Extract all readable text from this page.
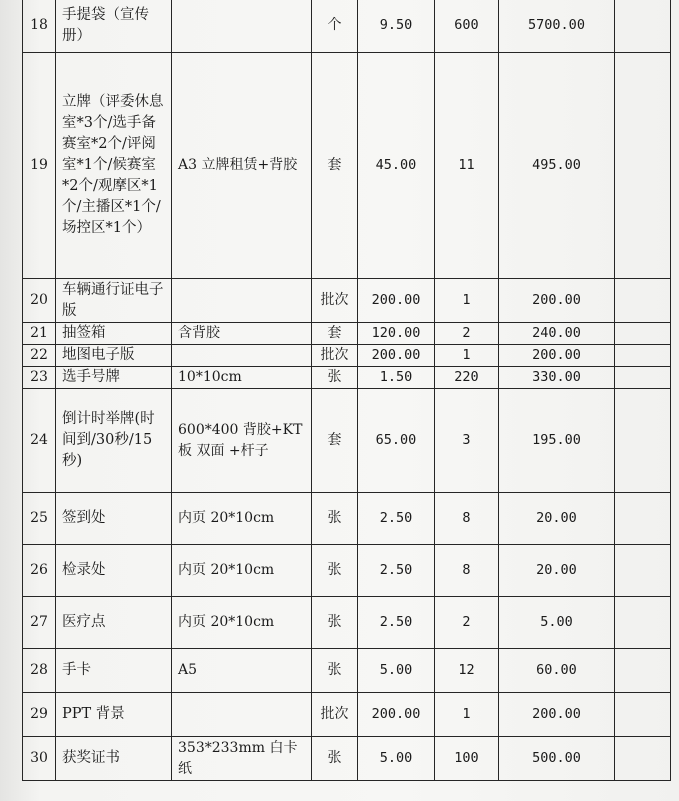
18	手提袋（宣传册）		个	9.50	600	5700.00	
19	立牌（评委休息室*3个/选手备赛室*2个/评阅室*1个/候赛室*2个/观摩区*1个/主播区*1个/场控区*1个）	A3 立牌租赁+背胶	套	45.00	11	495.00	
20	车辆通行证电子版		批次	200.00	1	200.00	
21	抽签箱	含背胶	套	120.00	2	240.00	
22	地图电子版		批次	200.00	1	200.00	
23	选手号牌	10*10cm	张	1.50	220	330.00	
24	倒计时举牌(时间到/30秒/15秒)	600*400 背胶+KT板 双面 +杆子	套	65.00	3	195.00	
25	签到处	内页 20*10cm	张	2.50	8	20.00	
26	检录处	内页 20*10cm	张	2.50	8	20.00	
27	医疗点	内页 20*10cm	张	2.50	2	5.00	
28	手卡	A5	张	5.00	12	60.00	
29	PPT 背景		批次	200.00	1	200.00	
30	获奖证书	353*233mm 白卡纸	张	5.00	100	500.00	
